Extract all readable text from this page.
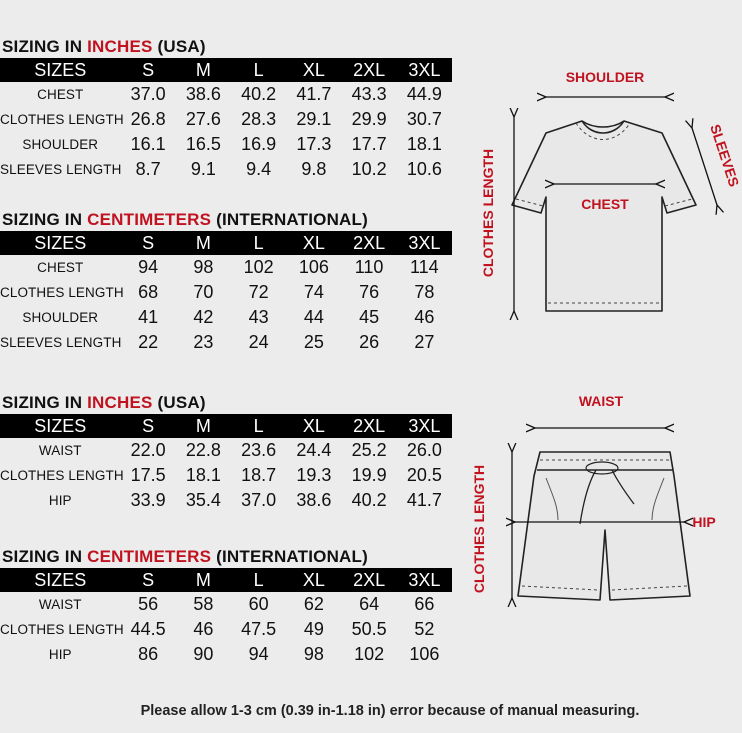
SIZING IN INCHES (USA)
SIZES	S	M	L	XL	2XL	3XL
CHEST	37.0	38.6	40.2	41.7	43.3	44.9
CLOTHES LENGTH	26.8	27.6	28.3	29.1	29.9	30.7
SHOULDER	16.1	16.5	16.9	17.3	17.7	18.1
SLEEVES LENGTH	8.7	9.1	9.4	9.8	10.2	10.6
SIZING IN CENTIMETERS (INTERNATIONAL)
SIZES	S	M	L	XL	2XL	3XL
CHEST	94	98	102	106	110	114
CLOTHES LENGTH	68	70	72	74	76	78
SHOULDER	41	42	43	44	45	46
SLEEVES LENGTH	22	23	24	25	26	27
SIZING IN INCHES (USA)
SIZES	S	M	L	XL	2XL	3XL
WAIST	22.0	22.8	23.6	24.4	25.2	26.0
CLOTHES LENGTH	17.5	18.1	18.7	19.3	19.9	20.5
HIP	33.9	35.4	37.0	38.6	40.2	41.7
SIZING IN CENTIMETERS (INTERNATIONAL)
SIZES	S	M	L	XL	2XL	3XL
WAIST	56	58	60	62	64	66
CLOTHES LENGTH	44.5	46	47.5	49	50.5	52
HIP	86	90	94	98	102	106
SHOULDER
SLEEVES
CHEST
CLOTHES LENGTH
WAIST
HIP
CLOTHES LENGTH
Please allow 1-3 cm (0.39 in-1.18 in) error because of manual measuring.
